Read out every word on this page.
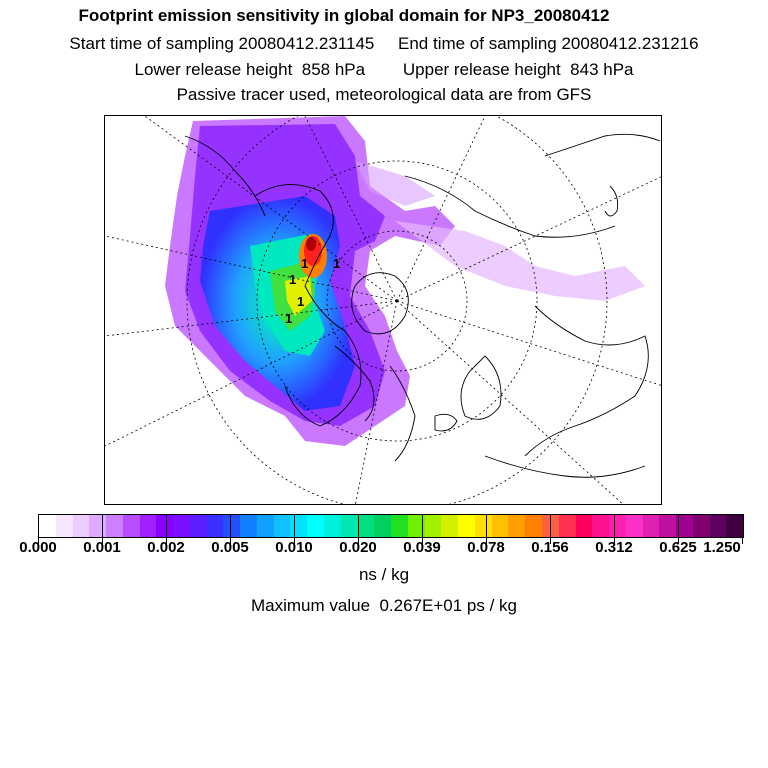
Footprint emission sensitivity in global domain for NP3_20080412
Start time of sampling 20080412.231145 End time of sampling 20080412.231216
Lower release height  858 hPa Upper release height  843 hPa
Passive tracer used, meteorological data are from GFS
1
1
1
1
1
0.000 0.001 0.002 0.005 0.010 0.020 0.039 0.078 0.156 0.312 0.625 1.250
ns / kg
Maximum value  0.267E+01 ps / kg
